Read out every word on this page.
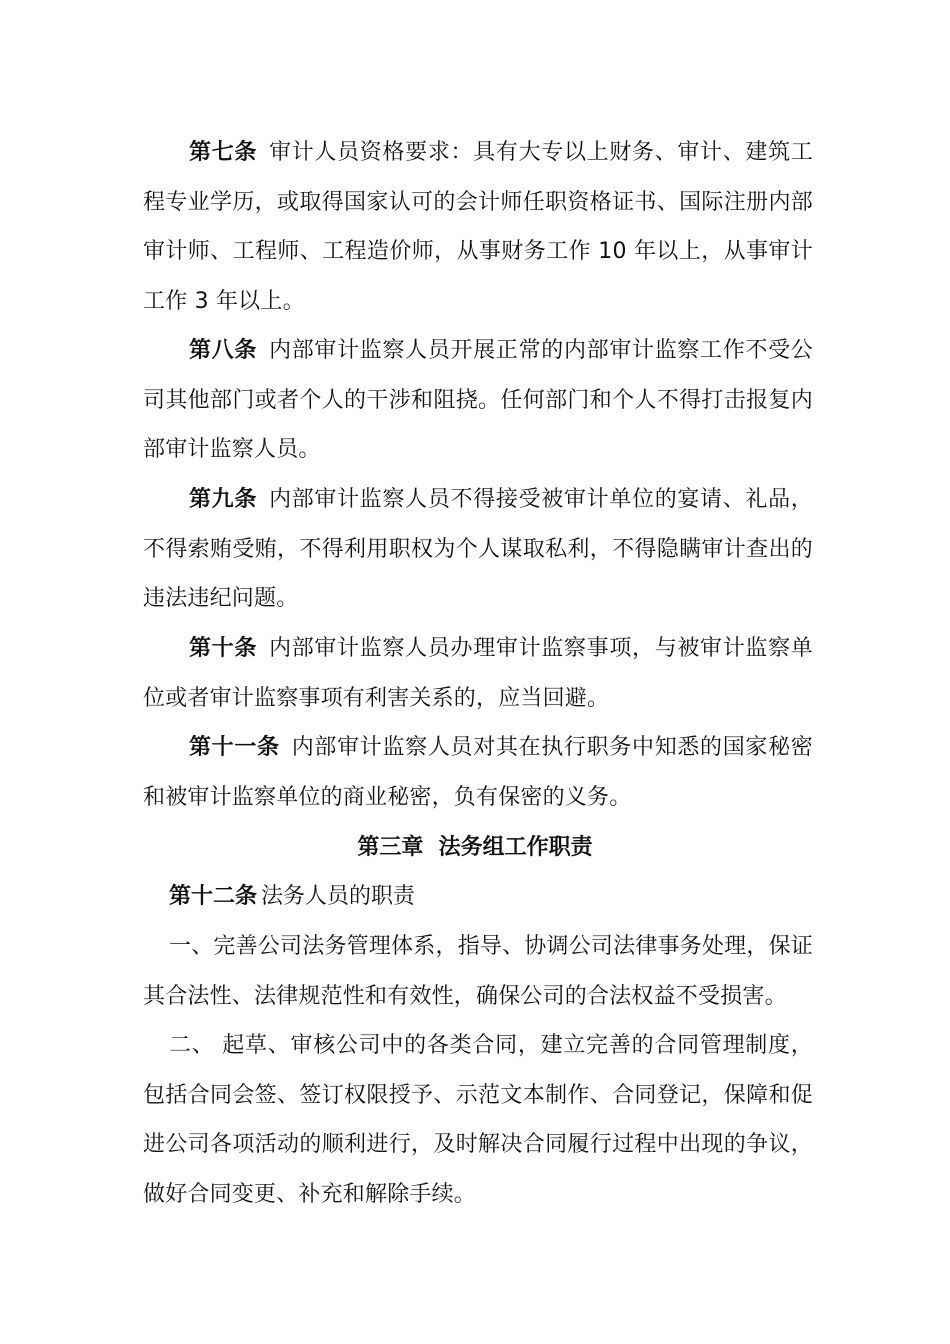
第七条 审计人员资格要求：具有大专以上财务、审计、建筑工程专业学历，或取得国家认可的会计师任职资格证书、国际注册内部审计师、工程师、工程造价师，从事财务工作 10 年以上，从事审计工作 3 年以上。

第八条 内部审计监察人员开展正常的内部审计监察工作不受公司其他部门或者个人的干涉和阻挠。任何部门和个人不得打击报复内部审计监察人员。

第九条 内部审计监察人员不得接受被审计单位的宴请、礼品，不得索贿受贿，不得利用职权为个人谋取私利，不得隐瞒审计查出的违法违纪问题。

第十条 内部审计监察人员办理审计监察事项，与被审计监察单位或者审计监察事项有利害关系的，应当回避。

第十一条 内部审计监察人员对其在执行职务中知悉的国家秘密和被审计监察单位的商业秘密，负有保密的义务。

第三章 法务组工作职责

第十二条 法务人员的职责

一、完善公司法务管理体系，指导、协调公司法律事务处理，保证其合法性、法律规范性和有效性，确保公司的合法权益不受损害。

二、 起草、审核公司中的各类合同，建立完善的合同管理制度，包括合同会签、签订权限授予、示范文本制作、合同登记，保障和促进公司各项活动的顺利进行，及时解决合同履行过程中出现的争议，做好合同变更、补充和解除手续。
